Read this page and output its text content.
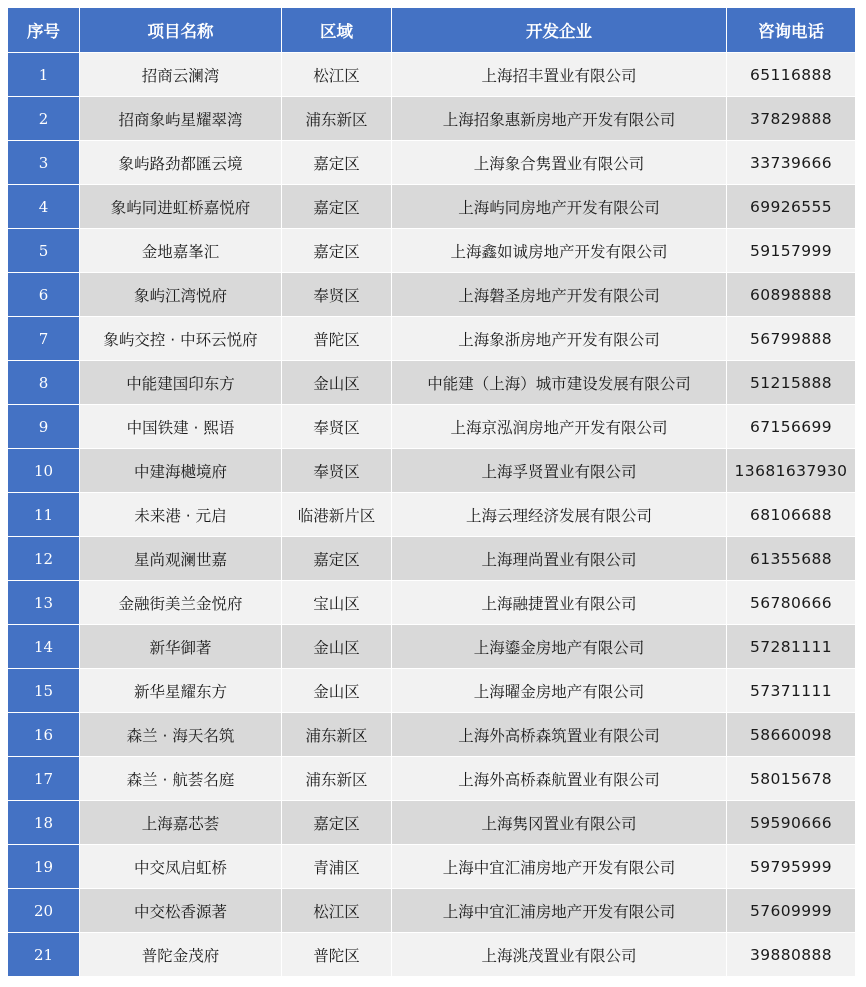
序号	项目名称	区域	开发企业	咨询电话
1	招商云澜湾	松江区	上海招丰置业有限公司	65116888
2	招商象屿星耀翠湾	浦东新区	上海招象惠新房地产开发有限公司	37829888
3	象屿路劲都匯云境	嘉定区	上海象合隽置业有限公司	33739666
4	象屿同进虹桥嘉悦府	嘉定区	上海屿同房地产开发有限公司	69926555
5	金地嘉峯汇	嘉定区	上海鑫如诚房地产开发有限公司	59157999
6	象屿江湾悦府	奉贤区	上海磐圣房地产开发有限公司	60898888
7	象屿交控 · 中环云悦府	普陀区	上海象浙房地产开发有限公司	56799888
8	中能建国印东方	金山区	中能建（上海）城市建设发展有限公司	51215888
9	中国铁建 · 熙语	奉贤区	上海京泓润房地产开发有限公司	67156699
10	中建海樾境府	奉贤区	上海孚贤置业有限公司	13681637930
11	未来港 · 元启	临港新片区	上海云理经济发展有限公司	68106688
12	星尚观澜世嘉	嘉定区	上海理尚置业有限公司	61355688
13	金融街美兰金悦府	宝山区	上海融捷置业有限公司	56780666
14	新华御著	金山区	上海鎏金房地产有限公司	57281111
15	新华星耀东方	金山区	上海曜金房地产有限公司	57371111
16	森兰 · 海天名筑	浦东新区	上海外高桥森筑置业有限公司	58660098
17	森兰 · 航荟名庭	浦东新区	上海外高桥森航置业有限公司	58015678
18	上海嘉芯荟	嘉定区	上海隽冈置业有限公司	59590666
19	中交凤启虹桥	青浦区	上海中宜汇浦房地产开发有限公司	59795999
20	中交松香源著	松江区	上海中宜汇浦房地产开发有限公司	57609999
21	普陀金茂府	普陀区	上海洮茂置业有限公司	39880888
